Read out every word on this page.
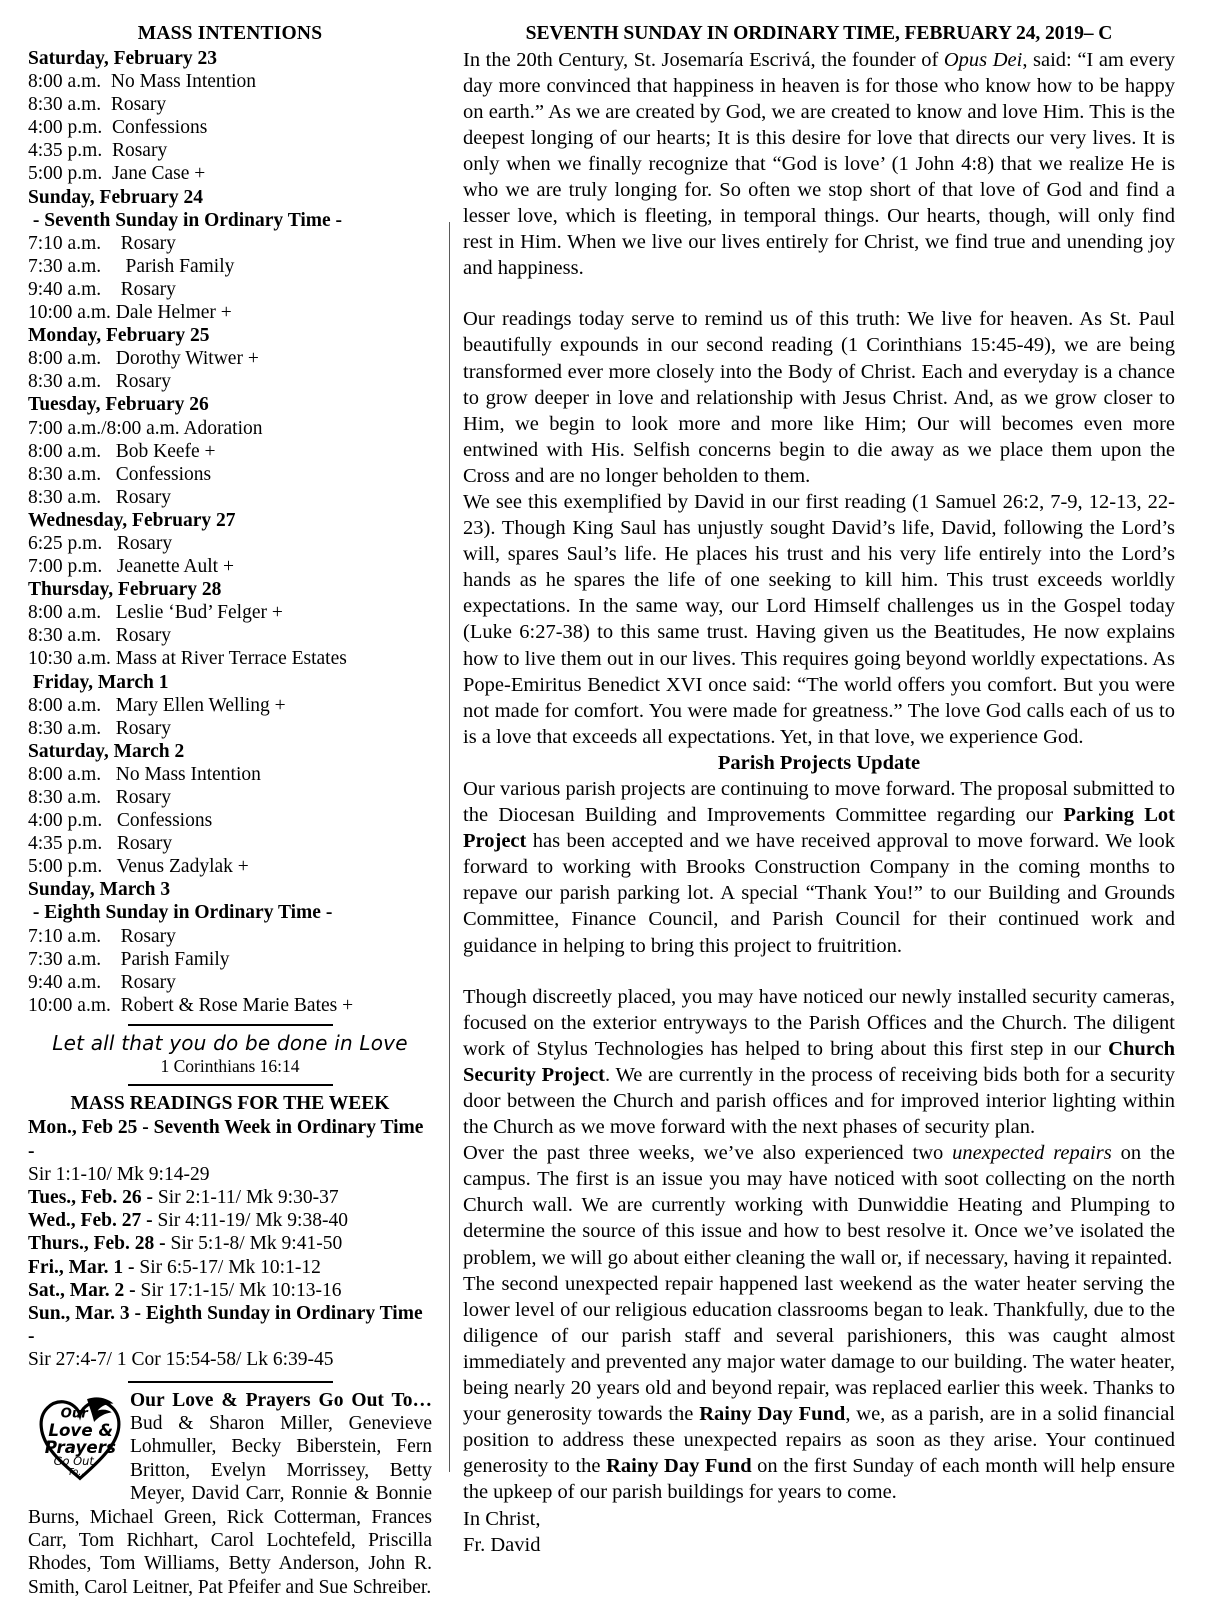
MASS INTENTIONS
Saturday, February 23
8:00 a.m.  No Mass Intention
8:30 a.m.  Rosary
4:00 p.m.  Confessions
4:35 p.m.  Rosary
5:00 p.m.  Jane Case +
Sunday, February 24
- Seventh Sunday in Ordinary Time -
7:10 a.m.    Rosary
7:30 a.m.     Parish Family
9:40 a.m.    Rosary
10:00 a.m. Dale Helmer +
Monday, February 25
8:00 a.m.   Dorothy Witwer +
8:30 a.m.   Rosary
Tuesday, February 26
7:00 a.m./8:00 a.m. Adoration
8:00 a.m.   Bob Keefe +
8:30 a.m.   Confessions
8:30 a.m.   Rosary
Wednesday, February 27
6:25 p.m.   Rosary
7:00 p.m.   Jeanette Ault +
Thursday, February 28
8:00 a.m.   Leslie ‘Bud’ Felger +
8:30 a.m.   Rosary
10:30 a.m. Mass at River Terrace Estates
Friday, March 1
8:00 a.m.   Mary Ellen Welling +
8:30 a.m.   Rosary
Saturday, March 2
8:00 a.m.   No Mass Intention
8:30 a.m.   Rosary
4:00 p.m.   Confessions
4:35 p.m.   Rosary
5:00 p.m.   Venus Zadylak +
Sunday, March 3
- Eighth Sunday in Ordinary Time -
7:10 a.m.    Rosary
7:30 a.m.    Parish Family
9:40 a.m.    Rosary
10:00 a.m.  Robert & Rose Marie Bates +
Let all that you do be done in Love
1 Corinthians 16:14
MASS READINGS FOR THE WEEK
Mon., Feb 25 - Seventh Week in Ordinary Time -
Sir 1:1-10/ Mk 9:14-29
Tues., Feb. 26 - Sir 2:1-11/ Mk 9:30-37
Wed., Feb. 27 - Sir 4:11-19/ Mk 9:38-40
Thurs., Feb. 28 - Sir 5:1-8/ Mk 9:41-50
Fri., Mar. 1 - Sir 6:5-17/ Mk 10:1-12
Sat., Mar. 2 - Sir 17:1-15/ Mk 10:13-16
Sun., Mar. 3 - Eighth Sunday in Ordinary Time -
Sir 27:4-7/ 1 Cor 15:54-58/ Lk 6:39-45
Our
Love &
Prayers
Go Out
To...
Our Love & Prayers Go Out To… Bud & Sharon Miller, Genevieve Lohmuller, Becky Biberstein, Fern Britton, Evelyn Morrissey, Betty Meyer, David Carr, Ronnie & Bonnie Burns, Michael Green, Rick Cotterman, Frances Carr, Tom Richhart, Carol Lochtefeld, Priscilla Rhodes, Tom Williams, Betty Anderson, John R. Smith, Carol Leitner, Pat Pfeifer and Sue Schreiber.
SEVENTH SUNDAY IN ORDINARY TIME, FEBRUARY 24, 2019– C

In the 20th Century, St. Josemaría Escrivá, the founder of Opus Dei, said: “I am every day more convinced that happiness in heaven is for those who know how to be happy on earth.” As we are created by God, we are created to know and love Him. This is the deepest longing of our hearts; It is this desire for love that directs our very lives. It is only when we finally recognize that “God is love’ (1 John 4:8) that we realize He is who we are truly longing for. So often we stop short of that love of God and find a lesser love, which is fleeting, in temporal things. Our hearts, though, will only find rest in Him. When we live our lives entirely for Christ, we find true and unending joy and happiness.

Our readings today serve to remind us of this truth: We live for heaven. As St. Paul beautifully expounds in our second reading (1 Corinthians 15:45-49), we are being transformed ever more closely into the Body of Christ. Each and everyday is a chance to grow deeper in love and relationship with Jesus Christ. And, as we grow closer to Him, we begin to look more and more like Him; Our will becomes even more entwined with His. Selfish concerns begin to die away as we place them upon the Cross and are no longer beholden to them.

We see this exemplified by David in our first reading (1 Samuel 26:2, 7-9, 12-13, 22-23). Though King Saul has unjustly sought David’s life, David, following the Lord’s will, spares Saul’s life. He places his trust and his very life entirely into the Lord’s hands as he spares the life of one seeking to kill him. This trust exceeds worldly expectations. In the same way, our Lord Himself challenges us in the Gospel today (Luke 6:27-38) to this same trust. Having given us the Beatitudes, He now explains how to live them out in our lives. This requires going beyond worldly expectations. As Pope-Emiritus Benedict XVI once said: “The world offers you comfort. But you were not made for comfort. You were made for greatness.” The love God calls each of us to is a love that exceeds all expectations. Yet, in that love, we experience God.

Parish Projects Update

Our various parish projects are continuing to move forward. The proposal submitted to the Diocesan Building and Improvements Committee regarding our Parking Lot Project has been accepted and we have received approval to move forward. We look forward to working with Brooks Construction Company in the coming months to repave our parish parking lot. A special “Thank You!” to our Building and Grounds Committee, Finance Council, and Parish Council for their continued work and guidance in helping to bring this project to fruitrition.

Though discreetly placed, you may have noticed our newly installed security cameras, focused on the exterior entryways to the Parish Offices and the Church. The diligent work of Stylus Technologies has helped to bring about this first step in our Church Security Project. We are currently in the process of receiving bids both for a security door between the Church and parish offices and for improved interior lighting within the Church as we move forward with the next phases of security plan.

Over the past three weeks, we’ve also experienced two unexpected repairs on the campus. The first is an issue you may have noticed with soot collecting on the north Church wall. We are currently working with Dunwiddie Heating and Plumping to determine the source of this issue and how to best resolve it. Once we’ve isolated the problem, we will go about either cleaning the wall or, if necessary, having it repainted.

The second unexpected repair happened last weekend as the water heater serving the lower level of our religious education classrooms began to leak. Thankfully, due to the diligence of our parish staff and several parishioners, this was caught almost immediately and prevented any major water damage to our building. The water heater, being nearly 20 years old and beyond repair, was replaced earlier this week. Thanks to your generosity towards the Rainy Day Fund, we, as a parish, are in a solid financial position to address these unexpected repairs as soon as they arise. Your continued generosity to the Rainy Day Fund on the first Sunday of each month will help ensure the upkeep of our parish buildings for years to come.

In Christ,

Fr. David
